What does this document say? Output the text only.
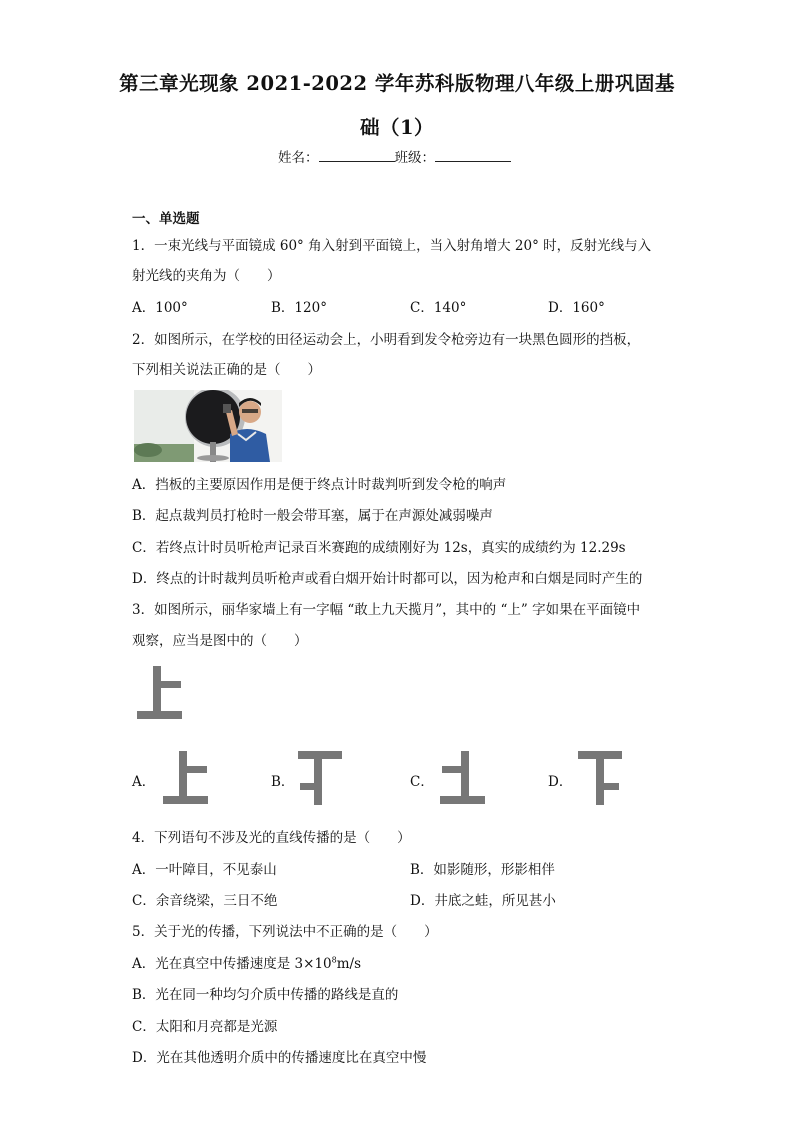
第三章光现象 2021-2022 学年苏科版物理八年级上册巩固基
础（1）
姓名：	班级：
一、单选题
1．一束光线与平面镜成 60° 角入射到平面镜上，当入射角增大 20° 时，反射光线与入
射光线的夹角为（　　）
A．100°	B．120°	C．140°	D．160°
2．如图所示，在学校的田径运动会上，小明看到发令枪旁边有一块黑色圆形的挡板，
下列相关说法正确的是（　　）
A．挡板的主要原因作用是便于终点计时裁判听到发令枪的响声
B．起点裁判员打枪时一般会带耳塞，属于在声源处减弱噪声
C．若终点计时员听枪声记录百米赛跑的成绩刚好为 12s，真实的成绩约为 12.29s
D．终点的计时裁判员听枪声或看白烟开始计时都可以，因为枪声和白烟是同时产生的
3．如图所示，丽华家墙上有一字幅 “敢上九天揽月”，其中的 “上” 字如果在平面镜中
观察，应当是图中的（　　）
A．	B．	C．	D．
4．下列语句不涉及光的直线传播的是（　　）
A．一叶障目，不见泰山	B．如影随形，形影相伴
C．余音绕梁，三日不绝	D．井底之蛙，所见甚小
5．关于光的传播，下列说法中不正确的是（　　）
A．光在真空中传播速度是 $3\times 10^8m/s$
B．光在同一种均匀介质中传播的路线是直的
C．太阳和月亮都是光源
D．光在其他透明介质中的传播速度比在真空中慢
